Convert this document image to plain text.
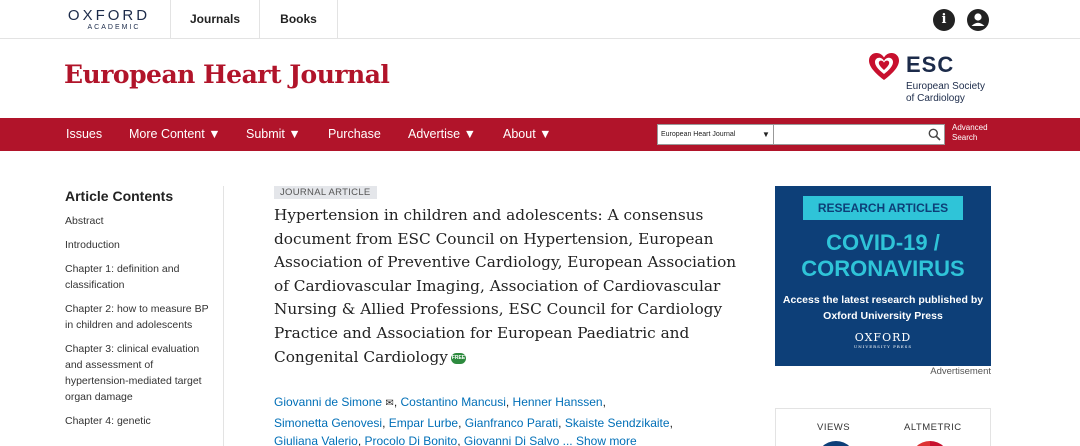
OXFORD
ACADEMIC
Journals	Books	i
European Heart Journal	ESC
European Society
of Cardiology
Issues More Content ▼ Submit ▼ Purchase Advertise ▼ About ▼	European Heart Journal	▼
Advanced
Search
Article Contents
Abstract
Introduction
Chapter 1: definition and classification
Chapter 2: how to measure BP in children and adolescents
Chapter 3: clinical evaluation and assessment of hypertension-mediated target organ damage
Chapter 4: genetic
JOURNAL ARTICLE
Hypertension in children and adolescents: A consensus document from ESC Council on Hypertension, European Association of Preventive Cardiology, European Association of Cardiovascular Imaging, Association of Cardiovascular Nursing & Allied Professions, ESC Council for Cardiology Practice and Association for European Paediatric and Congenital Cardiology FREE
Giovanni de Simone ✉, Costantino Mancusi, Henner Hanssen,
Simonetta Genovesi, Empar Lurbe, Gianfranco Parati, Skaiste Sendzikaite,
Giuliana Valerio, Procolo Di Bonito, Giovanni Di Salvo ... Show more
RESEARCH ARTICLES
COVID-19 /
CORONAVIRUS
Access the latest research published by Oxford University Press
OXFORD
UNIVERSITY PRESS
Advertisement
VIEWS	ALTMETRIC
